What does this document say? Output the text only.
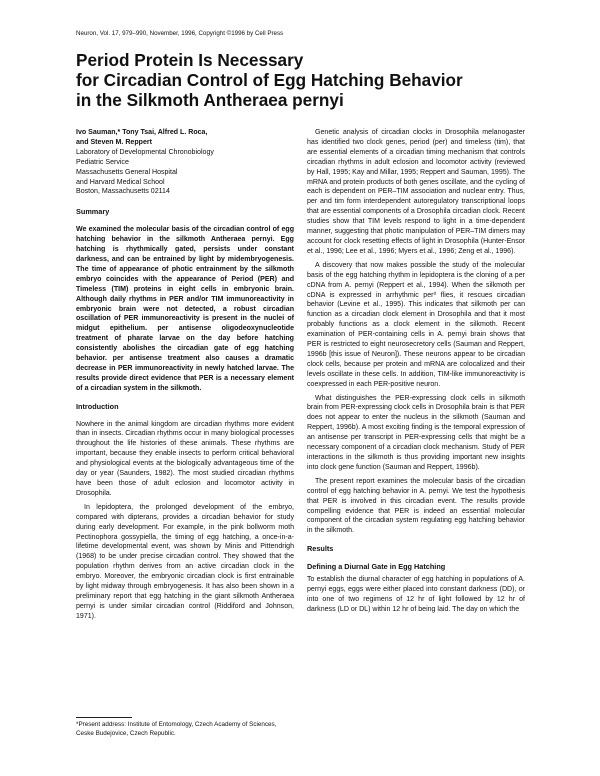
Neuron, Vol. 17, 979–990, November, 1996, Copyright ©1996 by Cell Press
Period Protein Is Necessary
for Circadian Control of Egg Hatching Behavior
in the Silkmoth Antheraea pernyi
Ivo Sauman,* Tony Tsai, Alfred L. Roca,
and Steven M. Reppert
Laboratory of Developmental Chronobiology
Pediatric Service
Massachusetts General Hospital
and Harvard Medical School
Boston, Massachusetts 02114
Summary

We examined the molecular basis of the circadian control of egg hatching behavior in the silkmoth Antheraea pernyi. Egg hatching is rhythmically gated, persists under constant darkness, and can be entrained by light by midembryogenesis. The time of appearance of photic entrainment by the silkmoth embryo coincides with the appearance of Period (PER) and Timeless (TIM) proteins in eight cells in embryonic brain. Although daily rhythms in PER and/or TIM immunoreactivity in embryonic brain were not detected, a robust circadian oscillation of PER immunoreactivity is present in the nuclei of midgut epithelium. per antisense oligodeoxynucleotide treatment of pharate larvae on the day before hatching consistently abolishes the circadian gate of egg hatching behavior. per antisense treatment also causes a dramatic decrease in PER immunoreactivity in newly hatched larvae. The results provide direct evidence that PER is a necessary element of a circadian system in the silkmoth.

Introduction

Nowhere in the animal kingdom are circadian rhythms more evident than in insects. Circadian rhythms occur in many biological processes throughout the life histories of these animals. These rhythms are important, because they enable insects to perform critical behavioral and physiological events at the biologically advantageous time of the day or year (Saunders, 1982). The most studied circadian rhythms have been those of adult eclosion and locomotor activity in Drosophila.

In lepidoptera, the prolonged development of the embryo, compared with dipterans, provides a circadian behavior for study during early development. For example, in the pink bollworm moth Pectinophora gossypiella, the timing of egg hatching, a once-in-a-lifetime developmental event, was shown by Minis and Pittendrigh (1968) to be under precise circadian control. They showed that the population rhythm derives from an active circadian clock in the embryo. Moreover, the embryonic circadian clock is first entrainable by light midway through embryogenesis. It has also been shown in a preliminary report that egg hatching in the giant silkmoth Antheraea pernyi is under similar circadian control (Riddiford and Johnson, 1971).

*Present address: Institute of Entomology, Czech Academy of Sciences, Ceske Budejovice, Czech Republic.

Genetic analysis of circadian clocks in Drosophila melanogaster has identified two clock genes, period (per) and timeless (tim), that are essential elements of a circadian timing mechanism that controls circadian rhythms in adult eclosion and locomotor activity (reviewed by Hall, 1995; Kay and Millar, 1995; Reppert and Sauman, 1995). The mRNA and protein products of both genes oscillate, and the cycling of each is dependent on PER–TIM association and nuclear entry. Thus, per and tim form interdependent autoregulatory transcriptional loops that are essential components of a Drosophila circadian clock. Recent studies show that TIM levels respond to light in a time-dependent manner, suggesting that photic manipulation of PER–TIM dimers may account for clock resetting effects of light in Drosophila (Hunter-Ensor et al., 1996; Lee et al., 1996; Myers et al., 1996; Zeng et al., 1996).

A discovery that now makes possible the study of the molecular basis of the egg hatching rhythm in lepidoptera is the cloning of a per cDNA from A. pernyi (Reppert et al., 1994). When the silkmoth per cDNA is expressed in arrhythmic per⁰ flies, it rescues circadian behavior (Levine et al., 1995). This indicates that silkmoth per can function as a circadian clock element in Drosophila and that it most probably functions as a clock element in the silkmoth. Recent examination of PER-containing cells in A. pernyi brain shows that PER is restricted to eight neurosecretory cells (Sauman and Reppert, 1996b [this issue of Neuron]). These neurons appear to be circadian clock cells, because per protein and mRNA are colocalized and their levels oscillate in these cells. In addition, TIM-like immunoreactivity is coexpressed in each PER-positive neuron.

What distinguishes the PER-expressing clock cells in silkmoth brain from PER-expressing clock cells in Drosophila brain is that PER does not appear to enter the nucleus in the silkmoth (Sauman and Reppert, 1996b). A most exciting finding is the temporal expression of an antisense per transcript in PER-expressing cells that might be a necessary component of a circadian clock mechanism. Study of PER interactions in the silkmoth is thus providing important new insights into clock gene function (Sauman and Reppert, 1996b).

The present report examines the molecular basis of the circadian control of egg hatching behavior in A. pernyi. We test the hypothesis that PER is involved in this circadian event. The results provide compelling evidence that PER is indeed an essential molecular component of the circadian system regulating egg hatching behavior in the silkmoth.

Results
Defining a Diurnal Gate in Egg Hatching

To establish the diurnal character of egg hatching in populations of A. pernyi eggs, eggs were either placed into constant darkness (DD), or into one of two regimens of 12 hr of light followed by 12 hr of darkness (LD or DL) within 12 hr of being laid. The day on which the
